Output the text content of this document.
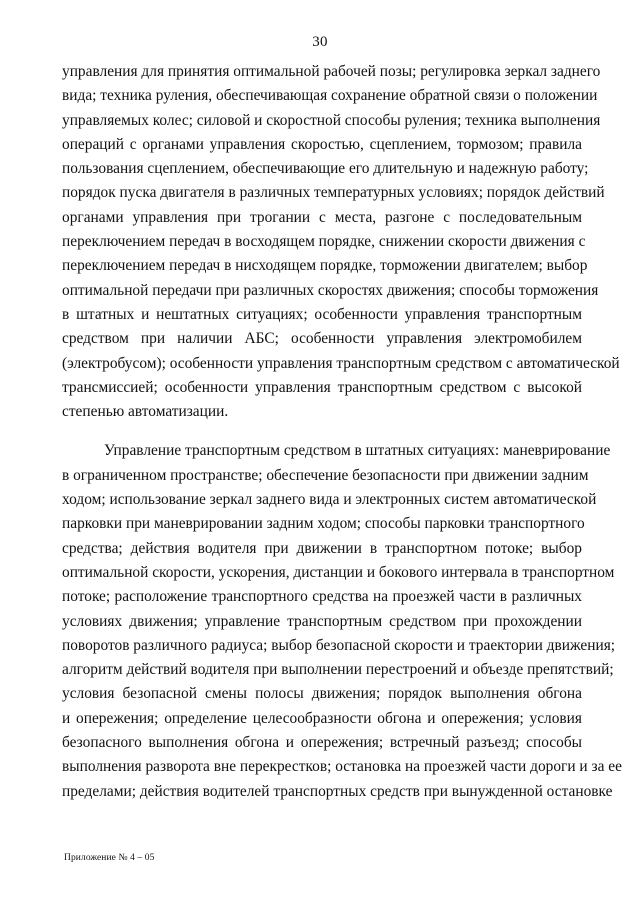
30

управления для принятия оптимальной рабочей позы; регулировка зеркал заднего
вида; техника руления, обеспечивающая сохранение обратной связи о положении
управляемых колес; силовой и скоростной способы руления; техника выполнения
операций с органами управления скоростью, сцеплением, тормозом; правила
пользования сцеплением, обеспечивающие его длительную и надежную работу;
порядок пуска двигателя в различных температурных условиях; порядок действий
органами управления при трогании с места, разгоне с последовательным
переключением передач в восходящем порядке, снижении скорости движения с
переключением передач в нисходящем порядке, торможении двигателем; выбор
оптимальной передачи при различных скоростях движения; способы торможения
в штатных и нештатных ситуациях; особенности управления транспортным
средством при наличии АБС; особенности управления электромобилем
(электробусом); особенности управления транспортным средством с автоматической
трансмиссией; особенности управления транспортным средством с высокой
степенью автоматизации.

Управление транспортным средством в штатных ситуациях: маневрирование
в ограниченном пространстве; обеспечение безопасности при движении задним
ходом; использование зеркал заднего вида и электронных систем автоматической
парковки при маневрировании задним ходом; способы парковки транспортного
средства; действия водителя при движении в транспортном потоке; выбор
оптимальной скорости, ускорения, дистанции и бокового интервала в транспортном
потоке; расположение транспортного средства на проезжей части в различных
условиях движения; управление транспортным средством при прохождении
поворотов различного радиуса; выбор безопасной скорости и траектории движения;
алгоритм действий водителя при выполнении перестроений и объезде препятствий;
условия безопасной смены полосы движения; порядок выполнения обгона
и опережения; определение целесообразности обгона и опережения; условия
безопасного выполнения обгона и опережения; встречный разъезд; способы
выполнения разворота вне перекрестков; остановка на проезжей части дороги и за ее
пределами; действия водителей транспортных средств при вынужденной остановке

Приложение № 4 – 05
